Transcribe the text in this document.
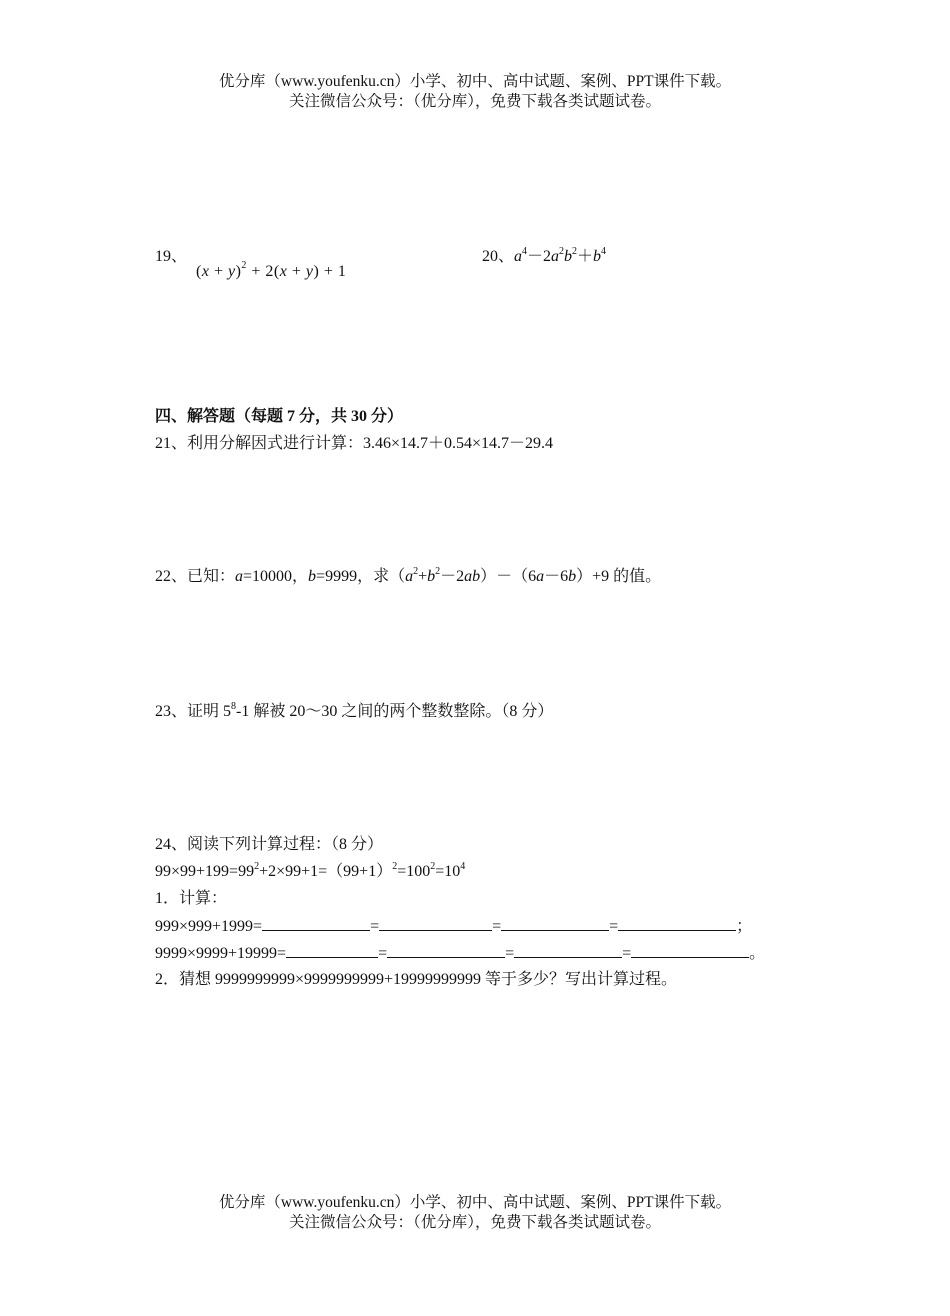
优分库（www.youfenku.cn）小学、初中、高中试题、案例、PPT课件下载。
关注微信公众号：（优分库），免费下载各类试题试卷。
19、
$(x + y)^2 + 2(x + y) + 1$
20、$a^4-2a^2b^2+b^4$
四、解答题（每题 7 分，共 30 分）
21、利用分解因式进行计算：3.46×14.7＋0.54×14.7－29.4
22、已知：a=10000，b=9999，求$(a^2+b^2-2ab)-(6a-6b)+9$ 的值。
23、证明 $5^8-1$ 解被 20～30 之间的两个整数整除。（8 分）
24、阅读下列计算过程：（8 分）
$99\times 99+199=99^2+2\times 99+1=(99+1)^2=100^2=10^4$
1．计算：
999×999+1999=	=	=	=	；
9999×9999+19999=	=	=	=	。
2．猜想 9999999999×9999999999+19999999999 等于多少？写出计算过程。
优分库（www.youfenku.cn）小学、初中、高中试题、案例、PPT课件下载。
关注微信公众号：（优分库），免费下载各类试题试卷。
